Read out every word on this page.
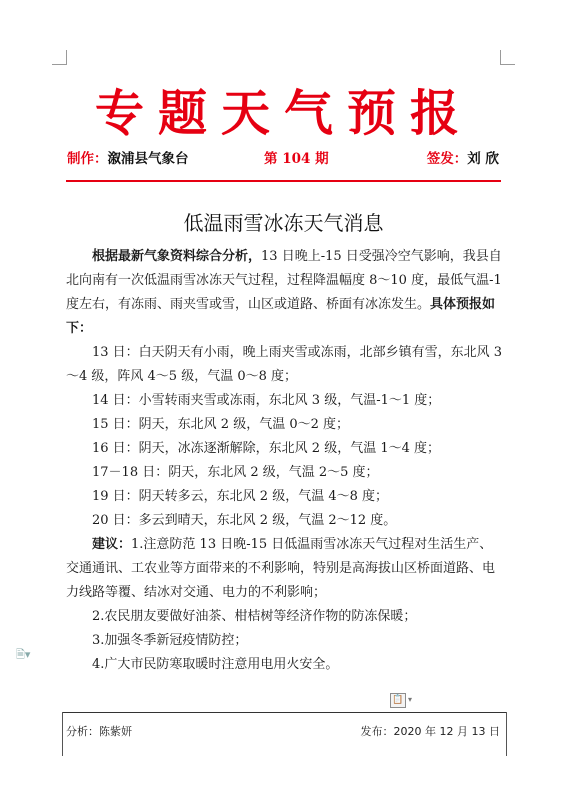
专题天气预报
制作：溆浦县气象台	第 104 期	签发：刘 欣
低温雨雪冰冻天气消息

根据最新气象资料综合分析，13 日晚上-15 日受强冷空气影响，我县自北向南有一次低温雨雪冰冻天气过程，过程降温幅度 8～10 度，最低气温-1 度左右，有冻雨、雨夹雪或雪，山区或道路、桥面有冰冻发生。具体预报如下：

13 日：白天阴天有小雨，晚上雨夹雪或冻雨，北部乡镇有雪，东北风 3～4 级，阵风 4～5 级，气温 0～8 度；

14 日：小雪转雨夹雪或冻雨，东北风 3 级，气温-1～1 度；

15 日：阴天，东北风 2 级，气温 0～2 度；

16 日：阴天，冰冻逐渐解除，东北风 2 级，气温 1～4 度；

17－18 日：阴天，东北风 2 级，气温 2～5 度；

19 日：阴天转多云，东北风 2 级，气温 4～8 度；

20 日：多云到晴天，东北风 2 级，气温 2～12 度。

建议：1.注意防范 13 日晚-15 日低温雨雪冰冻天气过程对生活生产、交通通讯、工农业等方面带来的不利影响，特别是高海拔山区桥面道路、电力线路等覆、结冰对交通、电力的不利影响；

2.农民朋友要做好油茶、柑桔树等经济作物的防冻保暖；

3.加强冬季新冠疫情防控；

4.广大市民防寒取暖时注意用电用火安全。

🗎▾
📋 ▾
分析：陈紫妍	发布：2020 年 12 月 13 日
